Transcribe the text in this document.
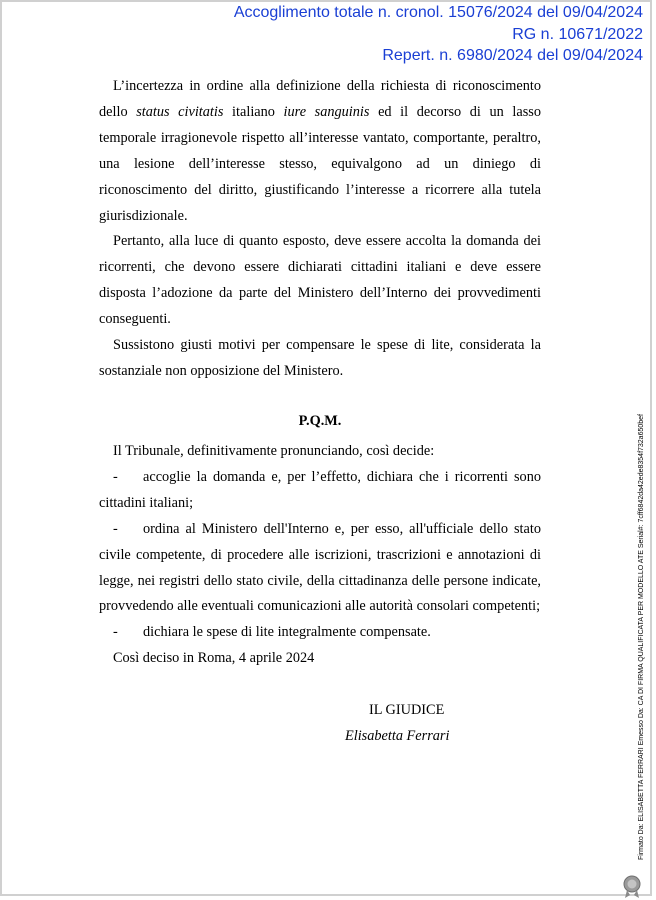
Accoglimento totale n. cronol. 15076/2024 del 09/04/2024
RG n. 10671/2022
Repert. n. 6980/2024 del 09/04/2024

L’incertezza in ordine alla definizione della richiesta di riconoscimento dello status civitatis italiano iure sanguinis ed il decorso di un lasso temporale irragionevole rispetto all’interesse vantato, comportante, peraltro, una lesione dell’interesse stesso, equivalgono ad un diniego di riconoscimento del diritto, giustificando l’interesse a ricorrere alla tutela giurisdizionale.

Pertanto, alla luce di quanto esposto, deve essere accolta la domanda dei ricorrenti, che devono essere dichiarati cittadini italiani e deve essere disposta l’adozione da parte del Ministero dell’Interno dei provvedimenti conseguenti.

Sussistono giusti motivi per compensare le spese di lite, considerata la sostanziale non opposizione del Ministero.

P.Q.M.

Il Tribunale, definitivamente pronunciando, così decide:

- accoglie la domanda e, per l’effetto, dichiara che i ricorrenti sono cittadini italiani;

- ordina al Ministero dell'Interno e, per esso, all'ufficiale dello stato civile competente, di procedere alle iscrizioni, trascrizioni e annotazioni di legge, nei registri dello stato civile, della cittadinanza delle persone indicate, provvedendo alle eventuali comunicazioni alle autorità consolari competenti;

- dichiara le spese di lite integralmente compensate.

Così deciso in Roma, 4 aprile 2024

IL GIUDICE
Elisabetta Ferrari	Firmato Da: ELISABETTA FERRARI Emesso Da: CA DI FIRMA QUALIFICATA PER MODELLO ATE Serial#: 7cff6842da42ede8354f732a650bef
